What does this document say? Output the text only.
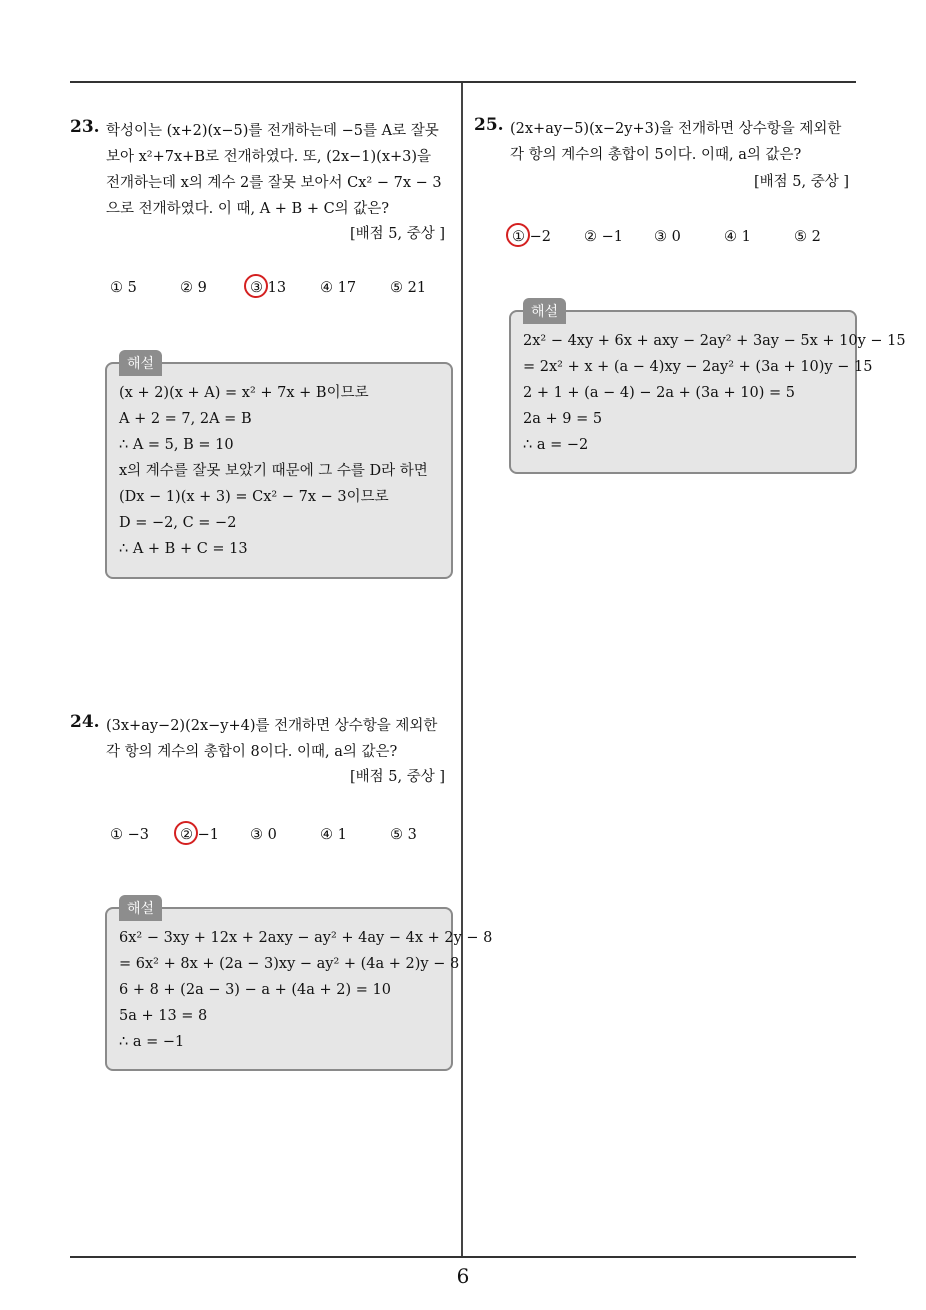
23. 학성이는 (x+2)(x−5)를 전개하는데 −5를 A로 잘못
보아 x²+7x+B로 전개하였다. 또, (2x−1)(x+3)을
전개하는데 x의 계수 2를 잘못 보아서 Cx² − 7x − 3
으로 전개하였다. 이 때, A + B + C의 값은?
[배점 5, 중상 ]
① 5	② 9	③ 13 ④ 17 ⑤ 21
해설
(x + 2)(x + A) = x² + 7x + B이므로
A + 2 = 7, 2A = B
∴ A = 5, B = 10
x의 계수를 잘못 보았기 때문에 그 수를 D라 하면
(Dx − 1)(x + 3) = Cx² − 7x − 3이므로
D = −2, C = −2
∴ A + B + C = 13
24. (3x+ay−2)(2x−y+4)를 전개하면 상수항을 제외한
각 항의 계수의 총합이 8이다. 이때, a의 값은?
[배점 5, 중상 ]
① −3 ② −1 ③ 0	④ 1	⑤ 3
해설
6x² − 3xy + 12x + 2axy − ay² + 4ay − 4x + 2y − 8
= 6x² + 8x + (2a − 3)xy − ay² + (4a + 2)y − 8
6 + 8 + (2a − 3) − a + (4a + 2) = 10
5a + 13 = 8
∴ a = −1
25. (2x+ay−5)(x−2y+3)을 전개하면 상수항을 제외한
각 항의 계수의 총합이 5이다. 이때, a의 값은?
[배점 5, 중상 ]
① −2 ② −1 ③ 0	④ 1	⑤ 2
해설
2x² − 4xy + 6x + axy − 2ay² + 3ay − 5x + 10y − 15
= 2x² + x + (a − 4)xy − 2ay² + (3a + 10)y − 15
2 + 1 + (a − 4) − 2a + (3a + 10) = 5
2a + 9 = 5
∴ a = −2
6
